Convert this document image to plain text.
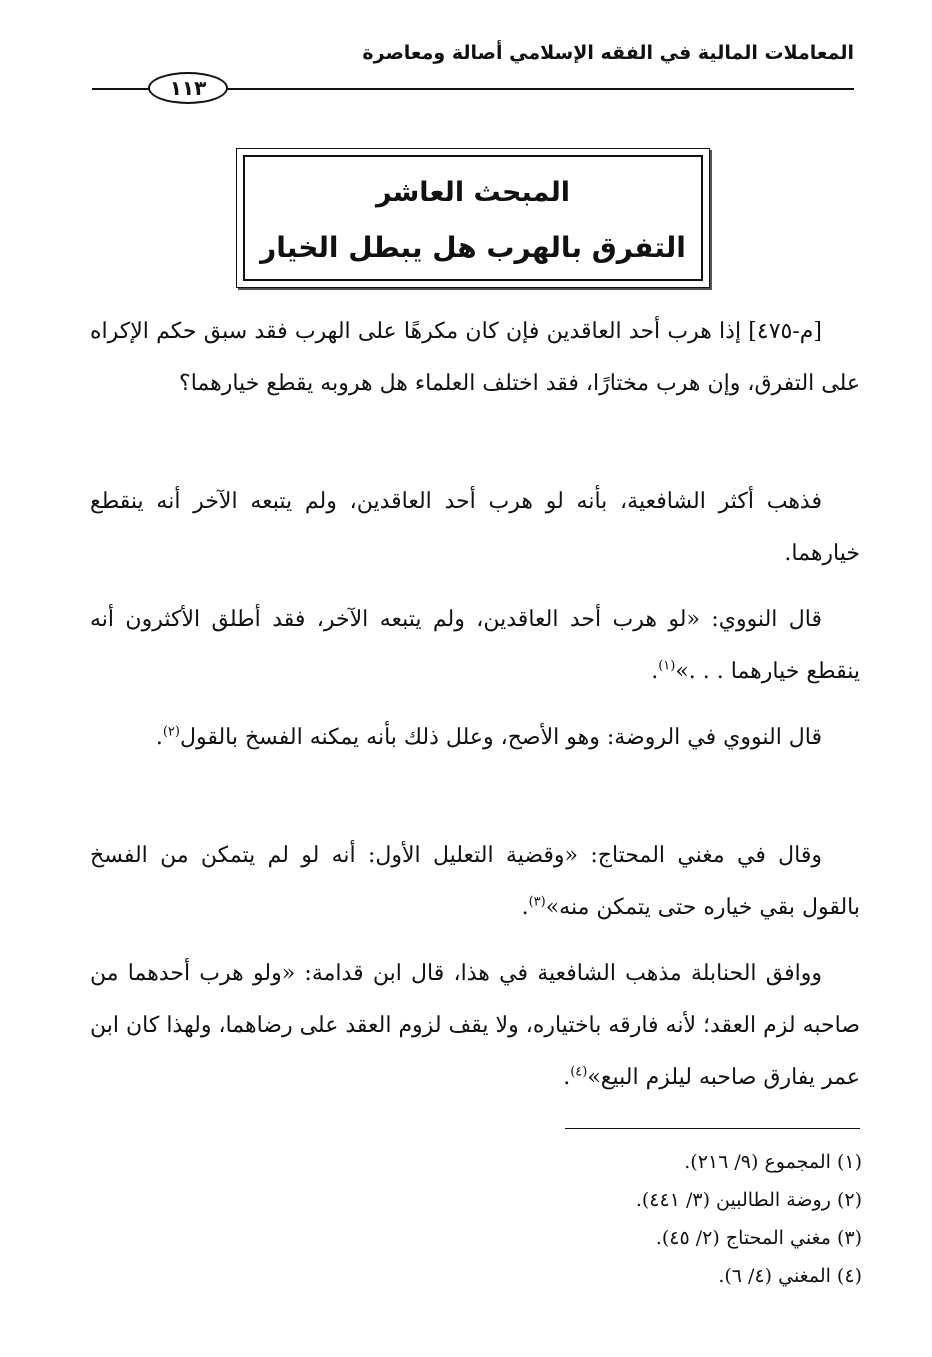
المعاملات المالية في الفقه الإسلامي أصالة ومعاصرة
١١٣
المبحث العاشر
التفرق بالهرب هل يبطل الخيار

[م-٤٧٥] إذا هرب أحد العاقدين فإن كان مكرهًا على الهرب فقد سبق حكم الإكراه على التفرق، وإن هرب مختارًا، فقد اختلف العلماء هل هروبه يقطع خيارهما؟

فذهب أكثر الشافعية، بأنه لو هرب أحد العاقدين، ولم يتبعه الآخر أنه ينقطع خيارهما.

قال النووي: «لو هرب أحد العاقدين، ولم يتبعه الآخر، فقد أطلق الأكثرون أنه ينقطع خيارهما . . .»$^{(١)}$.

قال النووي في الروضة: وهو الأصح، وعلل ذلك بأنه يمكنه الفسخ بالقول$^{(٢)}$.

وقال في مغني المحتاج: «وقضية التعليل الأول: أنه لو لم يتمكن من الفسخ بالقول بقي خياره حتى يتمكن منه»$^{(٣)}$.

ووافق الحنابلة مذهب الشافعية في هذا، قال ابن قدامة: «ولو هرب أحدهما من صاحبه لزم العقد؛ لأنه فارقه باختياره، ولا يقف لزوم العقد على رضاهما، ولهذا كان ابن عمر يفارق صاحبه ليلزم البيع»$^{(٤)}$.

(١) المجموع (٩/ ٢١٦).
(٢) روضة الطالبين (٣/ ٤٤١).
(٣) مغني المحتاج (٢/ ٤٥).
(٤) المغني (٤/ ٦).
